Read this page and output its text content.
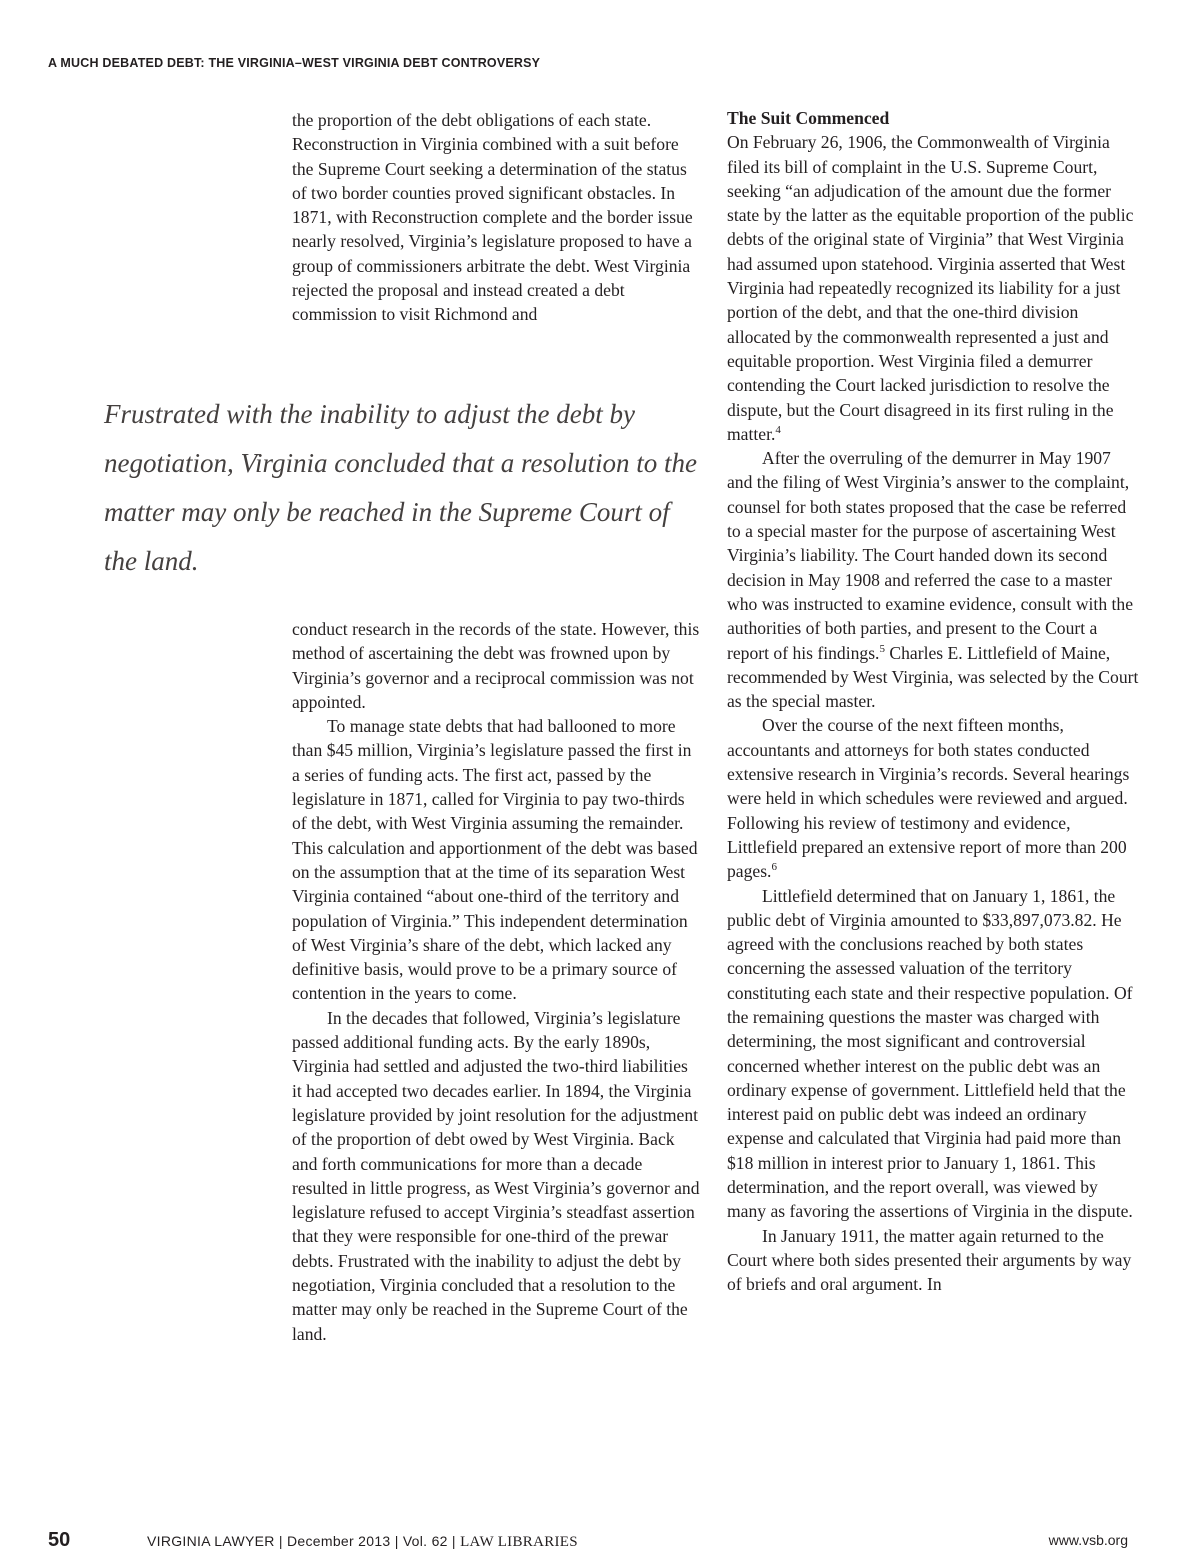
A MUCH DEBATED DEBT: THE VIRGINIA–WEST VIRGINIA DEBT CONTROVERSY

the proportion of the debt obligations of each state. Reconstruction in Virginia combined with a suit before the Supreme Court seeking a determination of the status of two border counties proved significant obstacles. In 1871, with Reconstruction complete and the border issue nearly resolved, Virginia’s legislature proposed to have a group of commissioners arbitrate the debt. West Virginia rejected the proposal and instead created a debt commission to visit Richmond and

Frustrated with the inability to adjust the debt by negotiation, Virginia concluded that a resolution to the matter may only be reached in the Supreme Court of the land.

conduct research in the records of the state. However, this method of ascertaining the debt was frowned upon by Virginia’s governor and a reciprocal commission was not appointed.

To manage state debts that had ballooned to more than $45 million, Virginia’s legislature passed the first in a series of funding acts. The first act, passed by the legislature in 1871, called for Virginia to pay two-thirds of the debt, with West Virginia assuming the remainder. This calculation and apportionment of the debt was based on the assumption that at the time of its separation West Virginia contained “about one-third of the territory and population of Virginia.” This independent determination of West Virginia’s share of the debt, which lacked any definitive basis, would prove to be a primary source of contention in the years to come.

In the decades that followed, Virginia’s legislature passed additional funding acts. By the early 1890s, Virginia had settled and adjusted the two-third liabilities it had accepted two decades earlier. In 1894, the Virginia legislature provided by joint resolution for the adjustment of the proportion of debt owed by West Virginia. Back and forth communications for more than a decade resulted in little progress, as West Virginia’s governor and legislature refused to accept Virginia’s steadfast assertion that they were responsible for one-third of the prewar debts. Frustrated with the inability to adjust the debt by negotiation, Virginia concluded that a resolution to the matter may only be reached in the Supreme Court of the land.

The Suit Commenced

On February 26, 1906, the Commonwealth of Virginia filed its bill of complaint in the U.S. Supreme Court, seeking “an adjudication of the amount due the former state by the latter as the equitable proportion of the public debts of the original state of Virginia” that West Virginia had assumed upon statehood. Virginia asserted that West Virginia had repeatedly recognized its liability for a just portion of the debt, and that the one-third division allocated by the commonwealth represented a just and equitable proportion. West Virginia filed a demurrer contending the Court lacked jurisdiction to resolve the dispute, but the Court disagreed in its first ruling in the matter.$^4$

After the overruling of the demurrer in May 1907 and the filing of West Virginia’s answer to the complaint, counsel for both states proposed that the case be referred to a special master for the purpose of ascertaining West Virginia’s liability. The Court handed down its second decision in May 1908 and referred the case to a master who was instructed to examine evidence, consult with the authorities of both parties, and present to the Court a report of his findings.$^5$ Charles E. Littlefield of Maine, recommended by West Virginia, was selected by the Court as the special master.

Over the course of the next fifteen months, accountants and attorneys for both states conducted extensive research in Virginia’s records. Several hearings were held in which schedules were reviewed and argued. Following his review of testimony and evidence, Littlefield prepared an extensive report of more than 200 pages.$^6$

Littlefield determined that on January 1, 1861, the public debt of Virginia amounted to $33,897,073.82. He agreed with the conclusions reached by both states concerning the assessed valuation of the territory constituting each state and their respective population. Of the remaining questions the master was charged with determining, the most significant and controversial concerned whether interest on the public debt was an ordinary expense of government. Littlefield held that the interest paid on public debt was indeed an ordinary expense and calculated that Virginia had paid more than $18 million in interest prior to January 1, 1861. This determination, and the report overall, was viewed by many as favoring the assertions of Virginia in the dispute.

In January 1911, the matter again returned to the Court where both sides presented their arguments by way of briefs and oral argument. In

50	VIRGINIA LAWYER | December 2013 | Vol. 62 | LAW LIBRARIES	www.vsb.org
